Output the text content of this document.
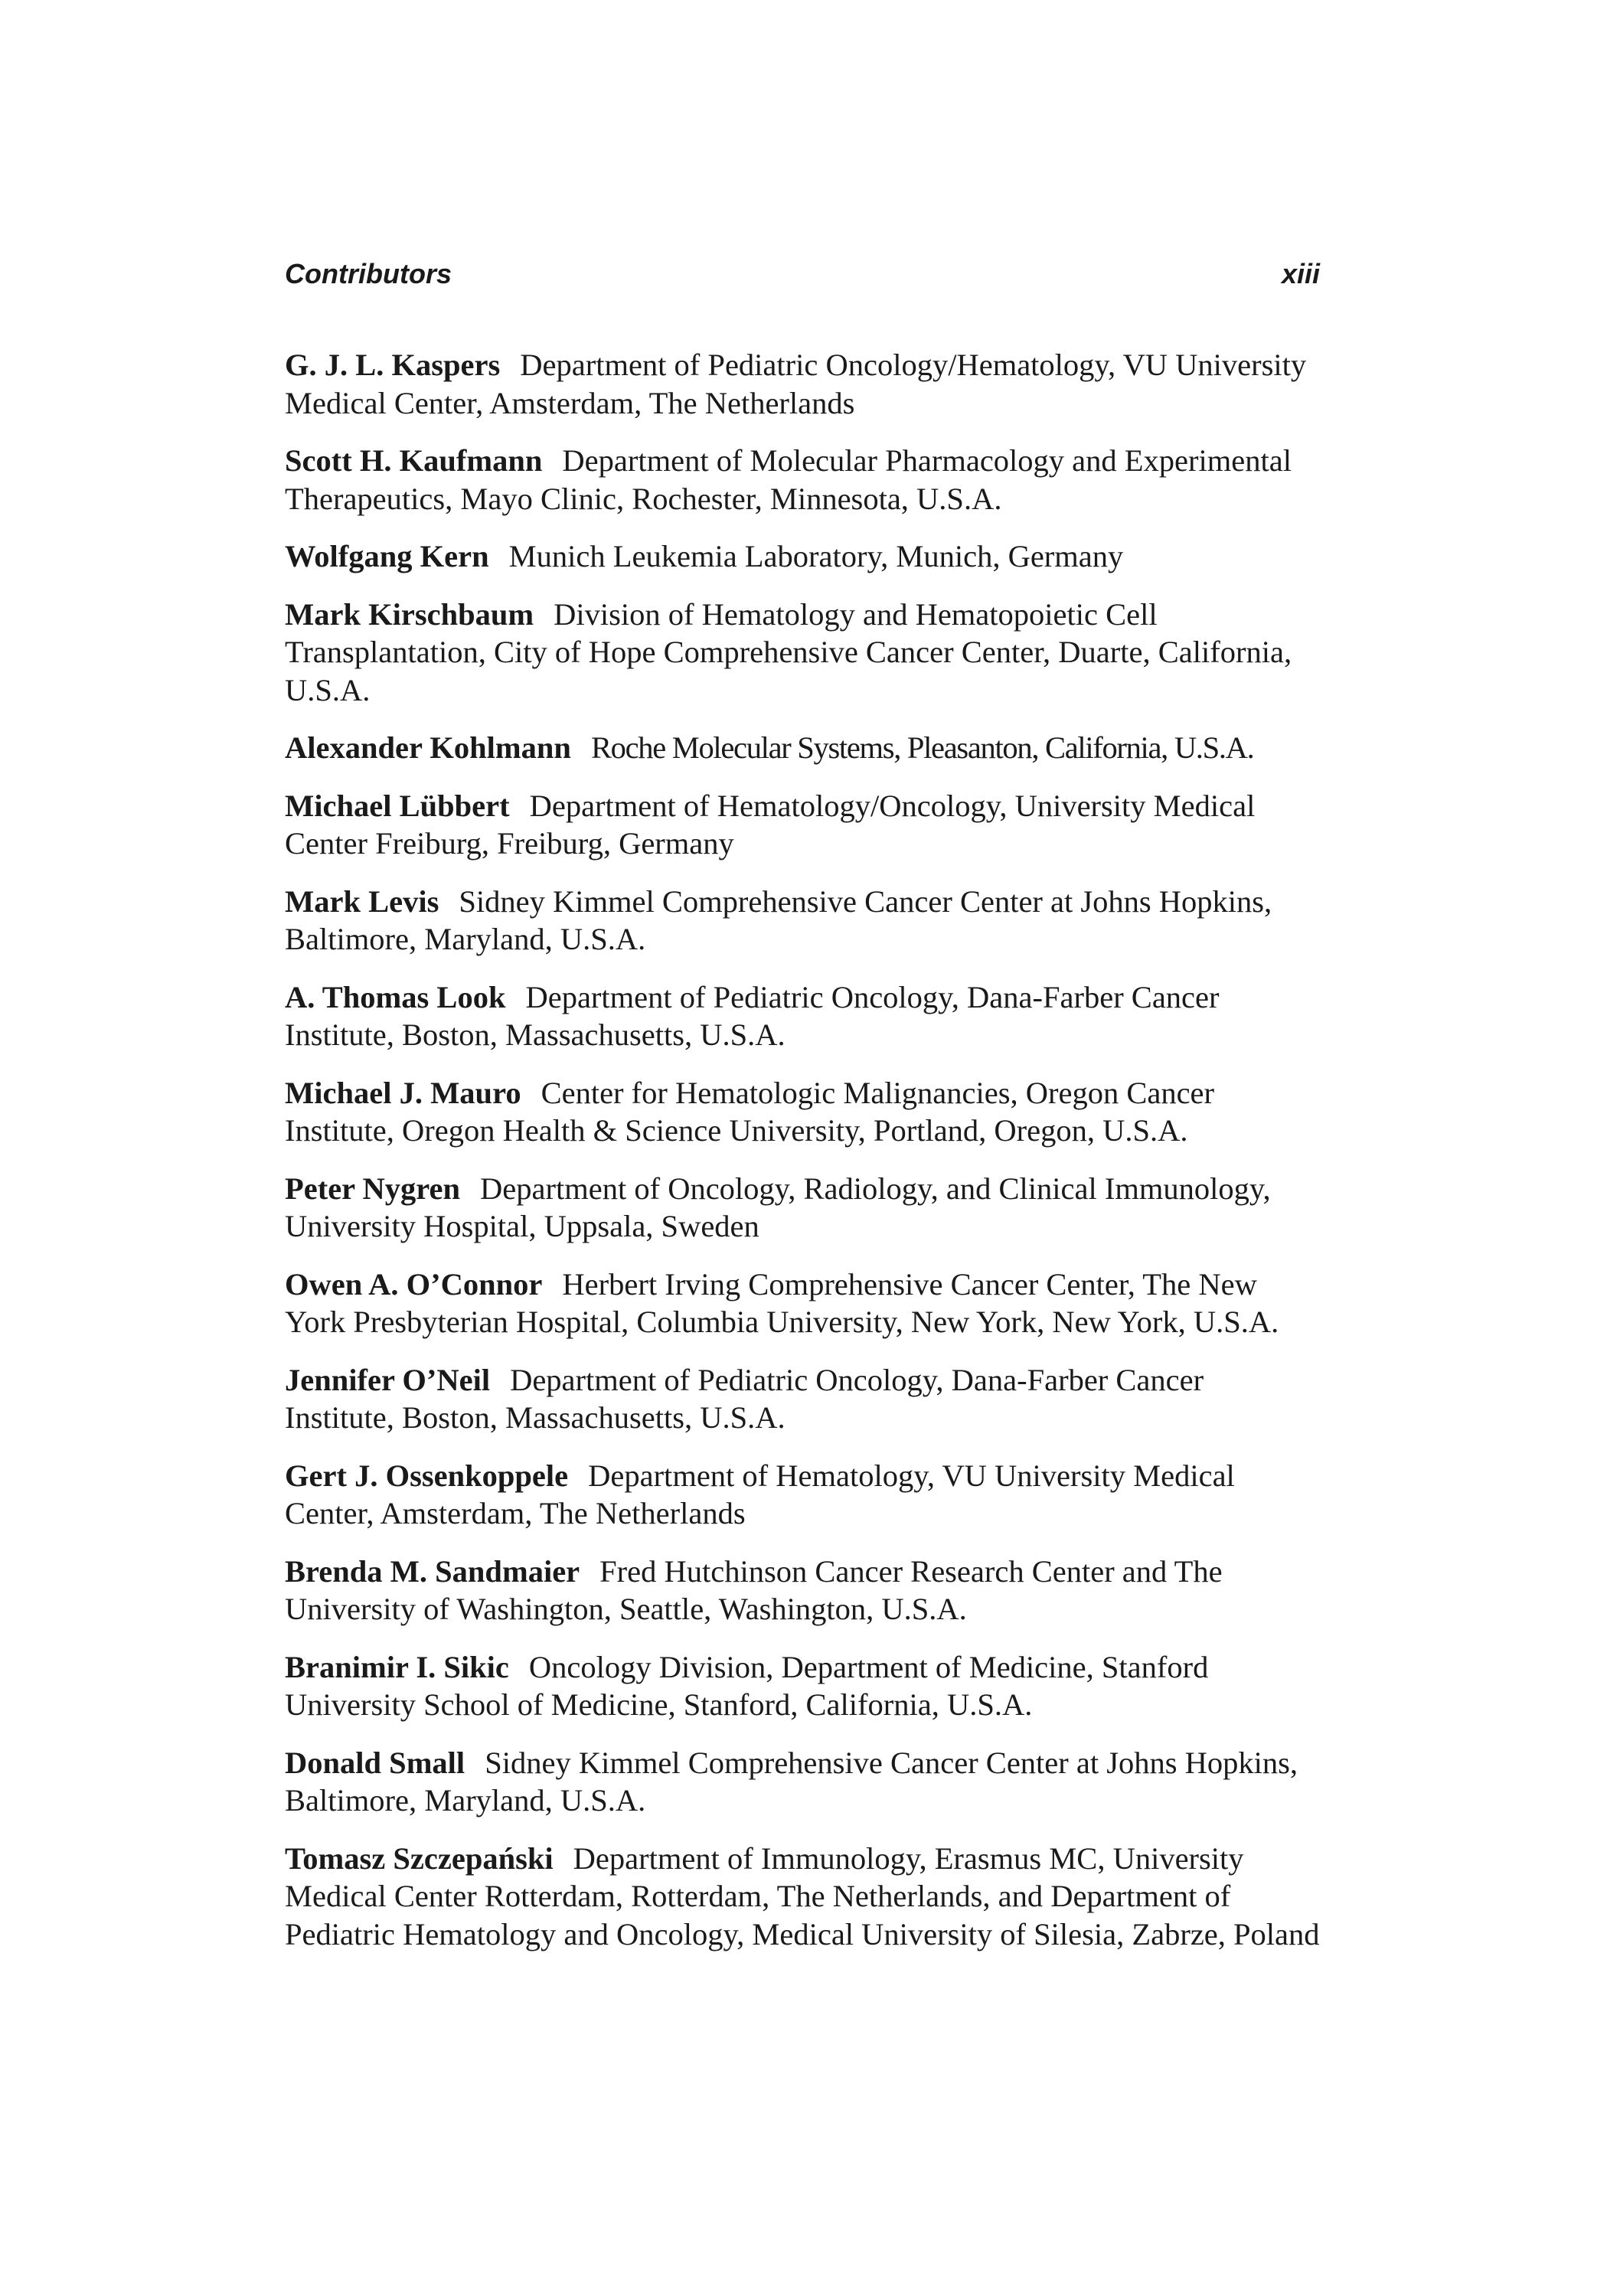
Contributors	xiii
G. J. L. Kaspers Department of Pediatric Oncology/Hematology, VU University Medical Center, Amsterdam, The Netherlands
Scott H. Kaufmann Department of Molecular Pharmacology and Experimental Therapeutics, Mayo Clinic, Rochester, Minnesota, U.S.A.
Wolfgang Kern Munich Leukemia Laboratory, Munich, Germany
Mark Kirschbaum Division of Hematology and Hematopoietic Cell Transplantation, City of Hope Comprehensive Cancer Center, Duarte, California, U.S.A.
Alexander Kohlmann Roche Molecular Systems, Pleasanton, California, U.S.A.
Michael Lübbert Department of Hematology/Oncology, University Medical Center Freiburg, Freiburg, Germany
Mark Levis Sidney Kimmel Comprehensive Cancer Center at Johns Hopkins, Baltimore, Maryland, U.S.A.
A. Thomas Look Department of Pediatric Oncology, Dana-Farber Cancer Institute, Boston, Massachusetts, U.S.A.
Michael J. Mauro Center for Hematologic Malignancies, Oregon Cancer Institute, Oregon Health & Science University, Portland, Oregon, U.S.A.
Peter Nygren Department of Oncology, Radiology, and Clinical Immunology, University Hospital, Uppsala, Sweden
Owen A. O’Connor Herbert Irving Comprehensive Cancer Center, The New York Presbyterian Hospital, Columbia University, New York, New York, U.S.A.
Jennifer O’Neil Department of Pediatric Oncology, Dana-Farber Cancer Institute, Boston, Massachusetts, U.S.A.
Gert J. Ossenkoppele Department of Hematology, VU University Medical Center, Amsterdam, The Netherlands
Brenda M. Sandmaier Fred Hutchinson Cancer Research Center and The University of Washington, Seattle, Washington, U.S.A.
Branimir I. Sikic Oncology Division, Department of Medicine, Stanford University School of Medicine, Stanford, California, U.S.A.
Donald Small Sidney Kimmel Comprehensive Cancer Center at Johns Hopkins, Baltimore, Maryland, U.S.A.
Tomasz Szczepański Department of Immunology, Erasmus MC, University Medical Center Rotterdam, Rotterdam, The Netherlands, and Department of Pediatric Hematology and Oncology, Medical University of Silesia, Zabrze, Poland
